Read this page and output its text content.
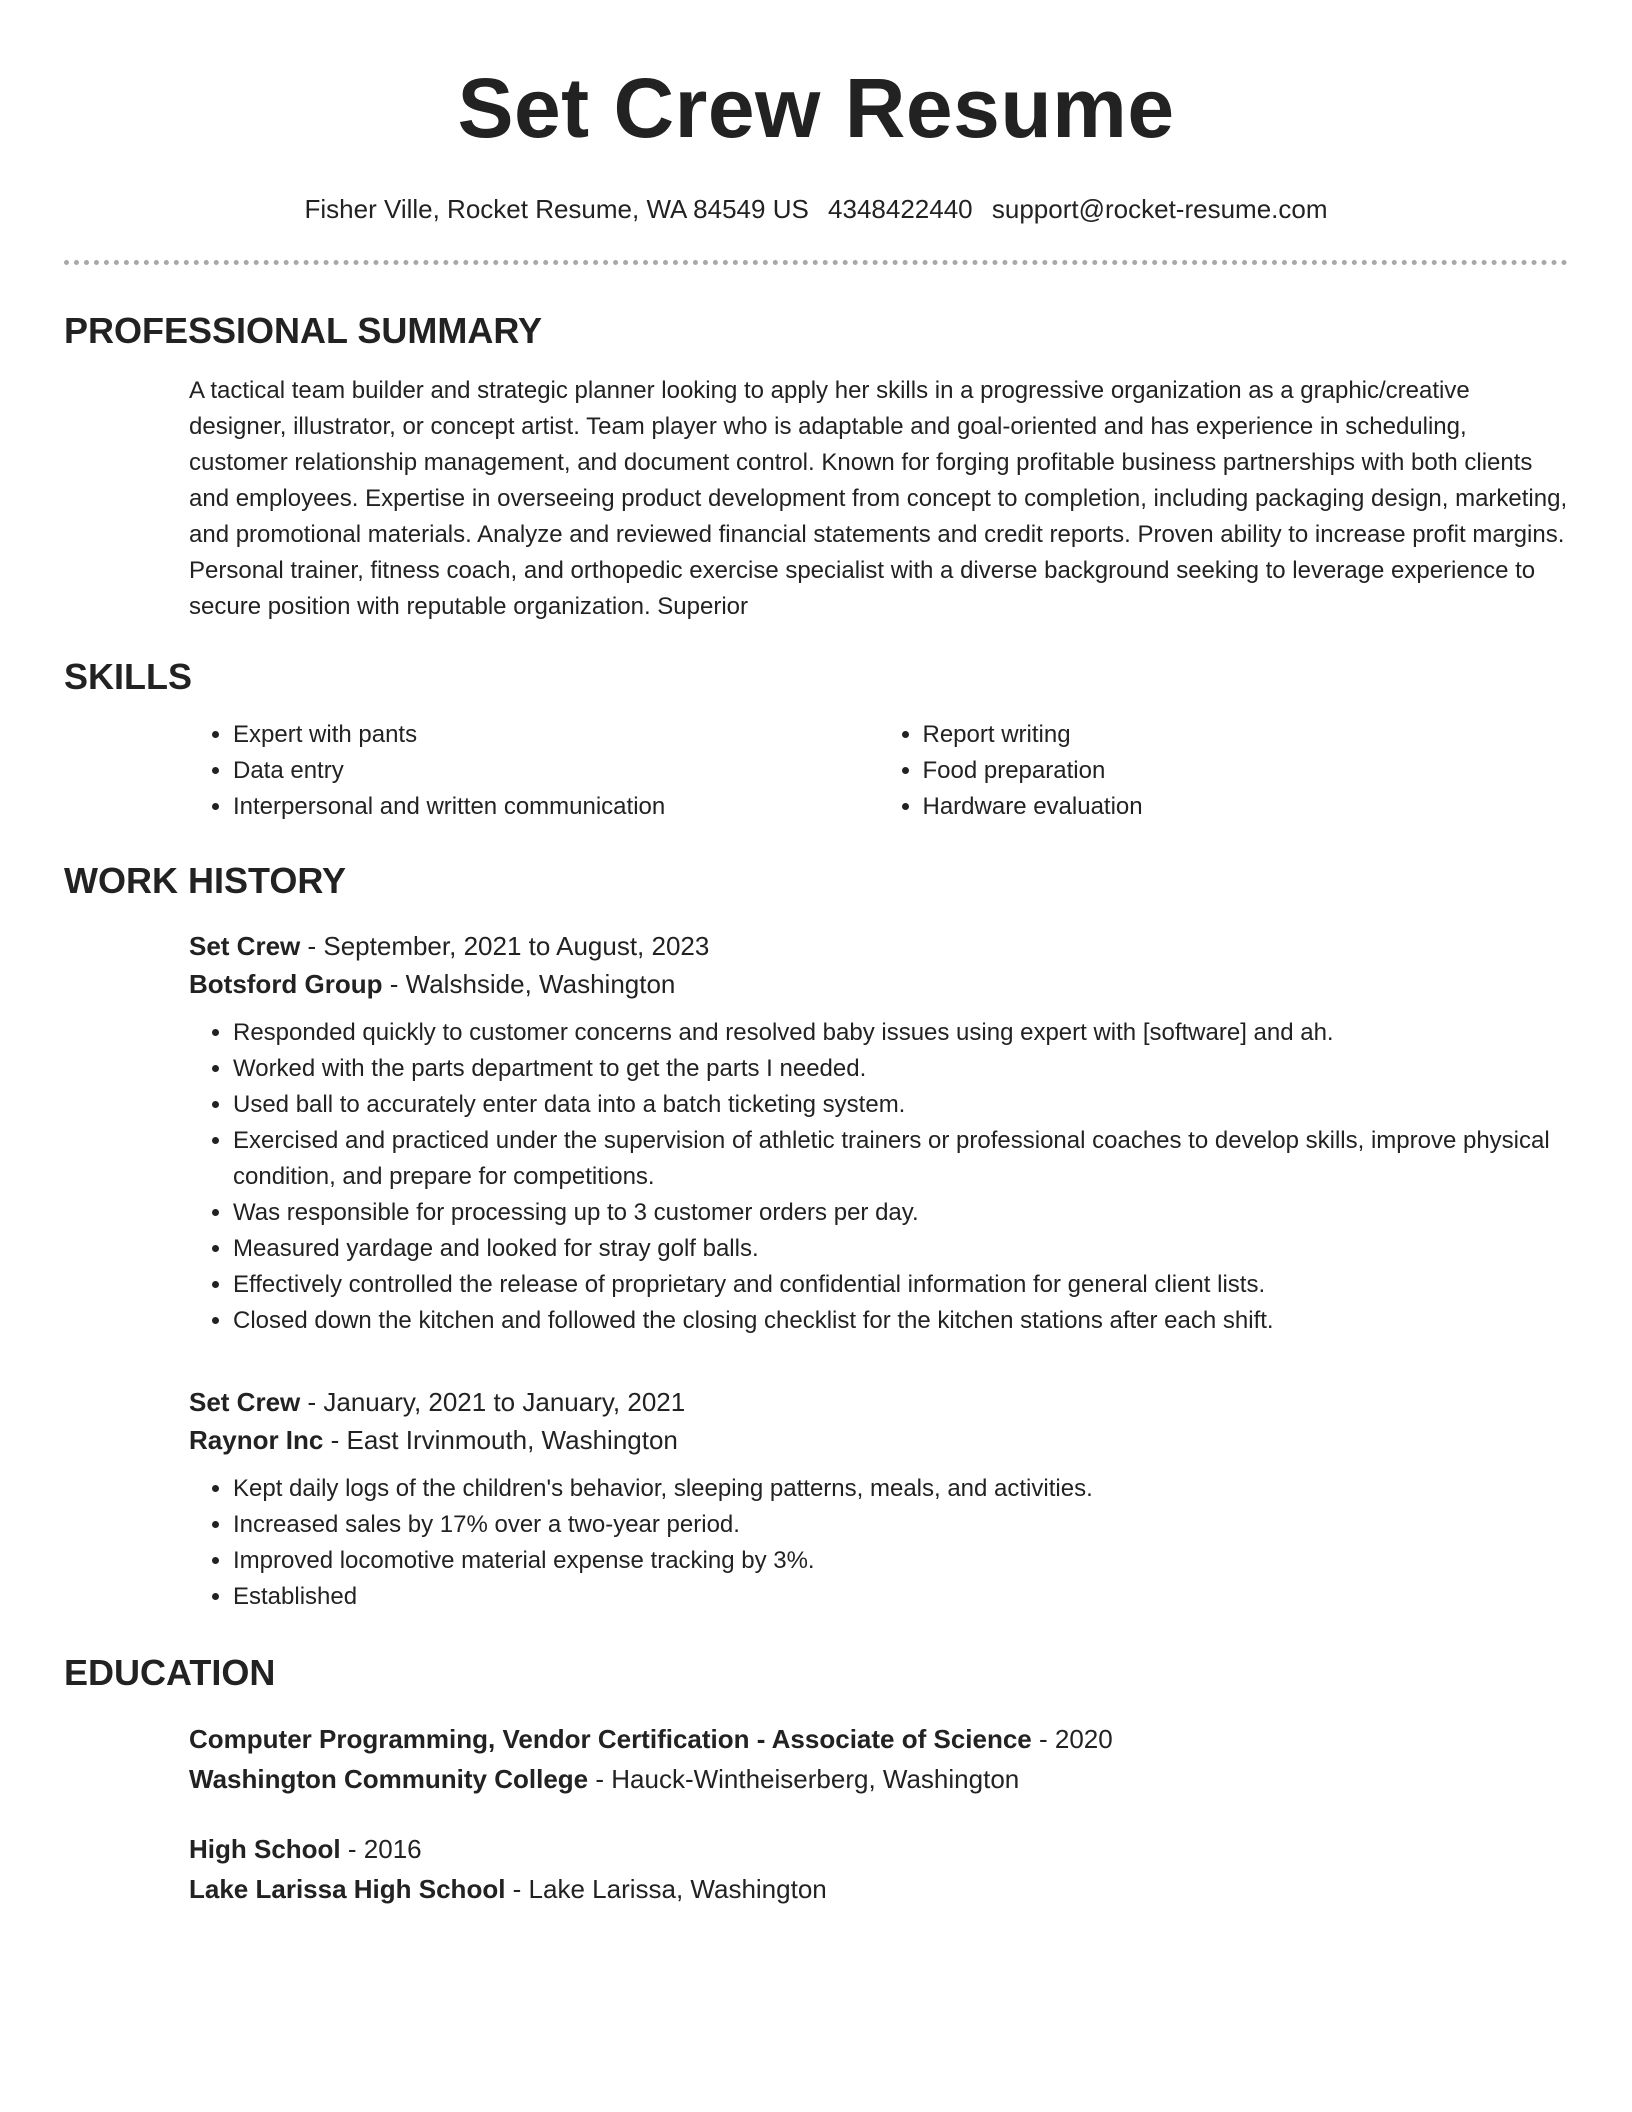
Set Crew Resume
Fisher Ville, Rocket Resume, WA 84549 US 4348422440 support@rocket-resume.com
PROFESSIONAL SUMMARY
A tactical team builder and strategic planner looking to apply her skills in a progressive organization as a graphic/creative designer, illustrator, or concept artist. Team player who is adaptable and goal-oriented and has experience in scheduling, customer relationship management, and document control. Known for forging profitable business partnerships with both clients and employees. Expertise in overseeing product development from concept to completion, including packaging design, marketing, and promotional materials. Analyze and reviewed financial statements and credit reports. Proven ability to increase profit margins. Personal trainer, fitness coach, and orthopedic exercise specialist with a diverse background seeking to leverage experience to secure position with reputable organization. Superior
SKILLS
• Expert with pants
• Data entry
• Interpersonal and written communication
• Report writing
• Food preparation
• Hardware evaluation
WORK HISTORY
Set Crew - September, 2021 to August, 2023
Botsford Group - Walshside, Washington
• Responded quickly to customer concerns and resolved baby issues using expert with [software] and ah.
• Worked with the parts department to get the parts I needed.
• Used ball to accurately enter data into a batch ticketing system.
• Exercised and practiced under the supervision of athletic trainers or professional coaches to develop skills, improve physical condition, and prepare for competitions.
• Was responsible for processing up to 3 customer orders per day.
• Measured yardage and looked for stray golf balls.
• Effectively controlled the release of proprietary and confidential information for general client lists.
• Closed down the kitchen and followed the closing checklist for the kitchen stations after each shift.
Set Crew - January, 2021 to January, 2021
Raynor Inc - East Irvinmouth, Washington
• Kept daily logs of the children's behavior, sleeping patterns, meals, and activities.
• Increased sales by 17% over a two-year period.
• Improved locomotive material expense tracking by 3%.
• Established
EDUCATION
Computer Programming, Vendor Certification - Associate of Science - 2020
Washington Community College - Hauck-Wintheiserberg, Washington
High School - 2016
Lake Larissa High School - Lake Larissa, Washington
